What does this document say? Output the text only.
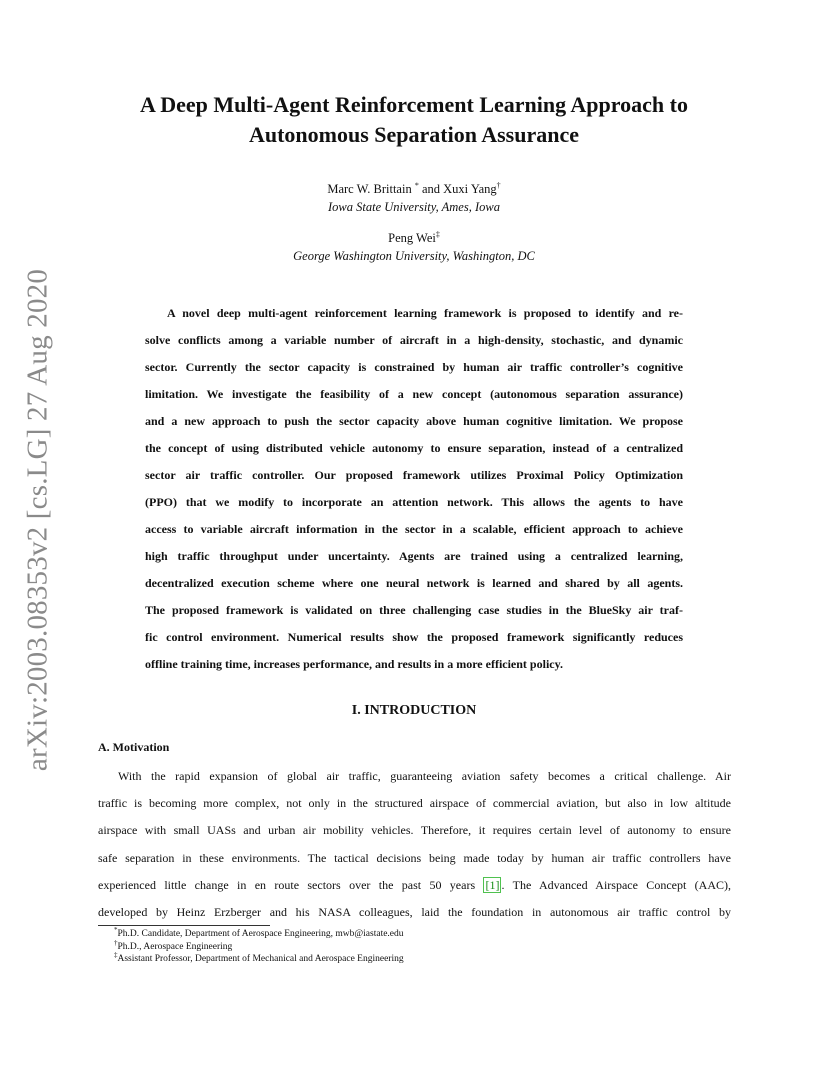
arXiv:2003.08353v2 [cs.LG] 27 Aug 2020
A Deep Multi-Agent Reinforcement Learning Approach to
Autonomous Separation Assurance
Marc W. Brittain * and Xuxi Yang†
Iowa State University, Ames, Iowa
Peng Wei‡
George Washington University, Washington, DC
A novel deep multi-agent reinforcement learning framework is proposed to identify and re-
solve conflicts among a variable number of aircraft in a high-density, stochastic, and dynamic
sector. Currently the sector capacity is constrained by human air traffic controller’s cognitive
limitation. We investigate the feasibility of a new concept (autonomous separation assurance)
and a new approach to push the sector capacity above human cognitive limitation. We propose
the concept of using distributed vehicle autonomy to ensure separation, instead of a centralized
sector air traffic controller. Our proposed framework utilizes Proximal Policy Optimization
(PPO) that we modify to incorporate an attention network. This allows the agents to have
access to variable aircraft information in the sector in a scalable, efficient approach to achieve
high traffic throughput under uncertainty. Agents are trained using a centralized learning,
decentralized execution scheme where one neural network is learned and shared by all agents.
The proposed framework is validated on three challenging case studies in the BlueSky air traf-
fic control environment. Numerical results show the proposed framework significantly reduces
offline training time, increases performance, and results in a more efficient policy.
I. INTRODUCTION
A. Motivation
With the rapid expansion of global air traffic, guaranteeing aviation safety becomes a critical challenge. Air
traffic is becoming more complex, not only in the structured airspace of commercial aviation, but also in low altitude
airspace with small UASs and urban air mobility vehicles. Therefore, it requires certain level of autonomy to ensure
safe separation in these environments. The tactical decisions being made today by human air traffic controllers have
experienced little change in en route sectors over the past 50 years [1] . The Advanced Airspace Concept (AAC),
developed by Heinz Erzberger and his NASA colleagues, laid the foundation in autonomous air traffic control by
*Ph.D. Candidate, Department of Aerospace Engineering, mwb@iastate.edu
†Ph.D., Aerospace Engineering
‡Assistant Professor, Department of Mechanical and Aerospace Engineering
